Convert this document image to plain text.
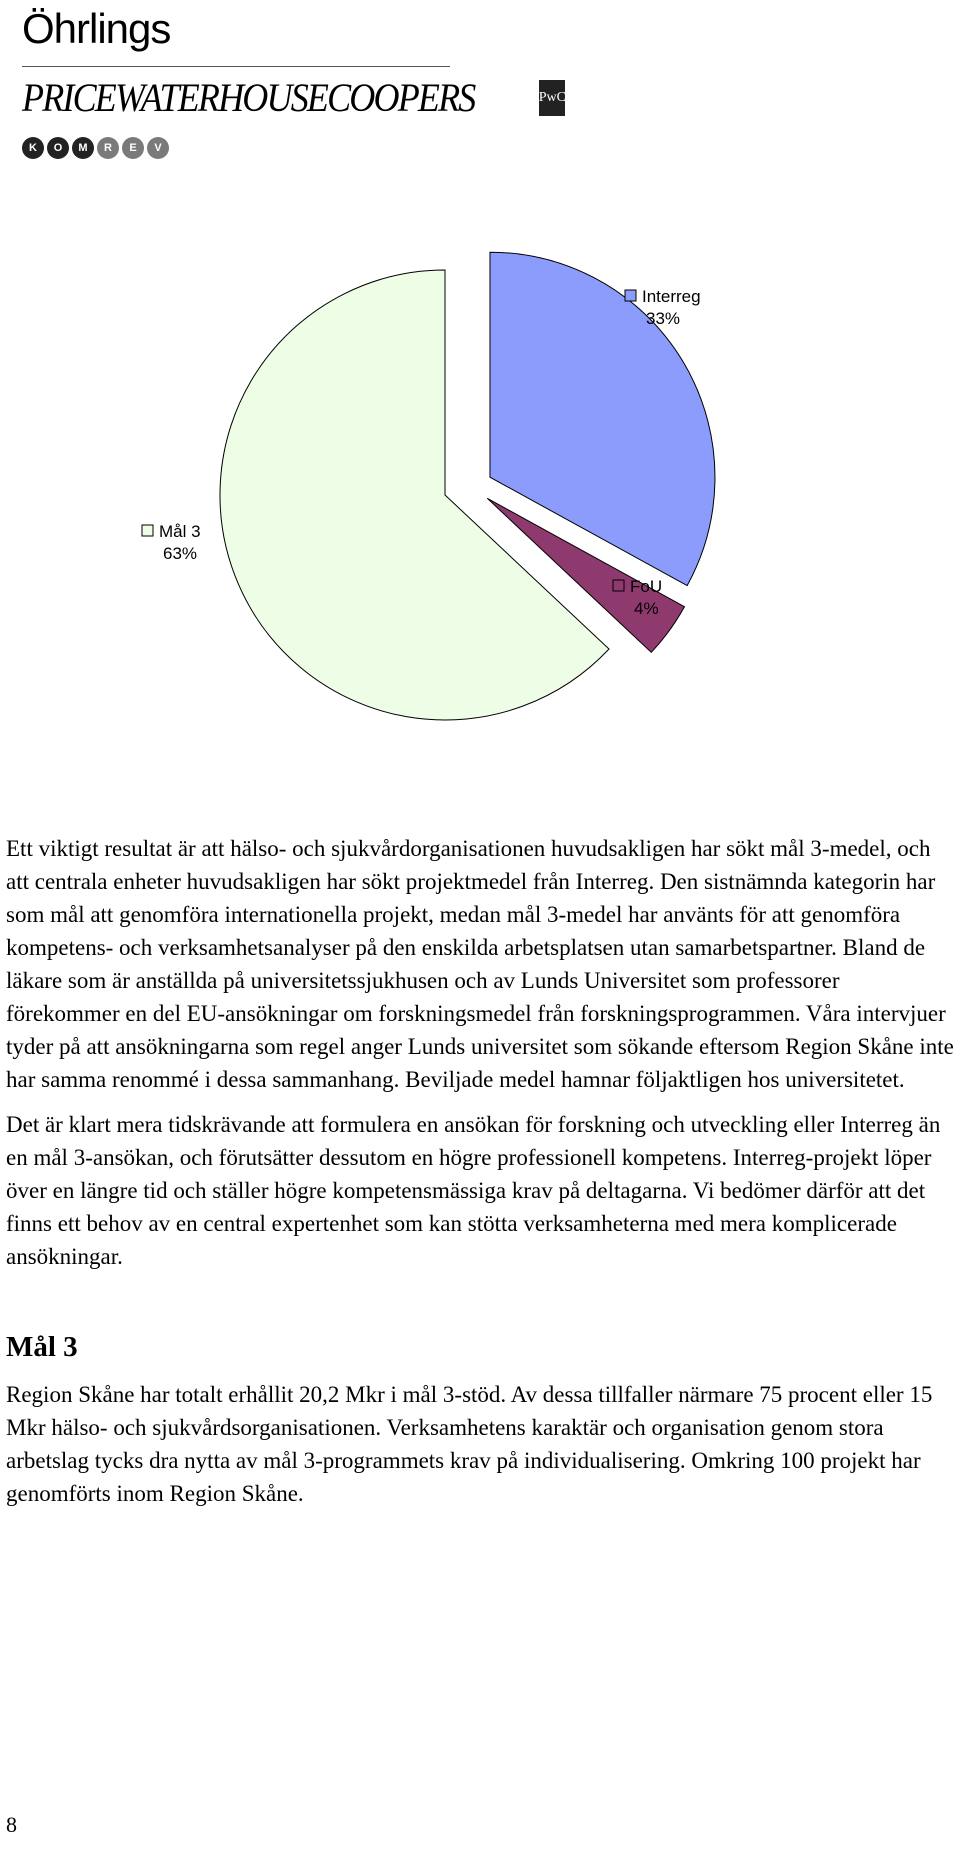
Öhrlings
PRICEWATERHOUSECOOPERS	PwC
K	O	M	R	E	V
Interreg
33%
FoU
4%
Mål 3
63%

Ett viktigt resultat är att hälso- och sjukvårdorganisationen huvudsakligen har sökt mål 3-medel, och att centrala enheter huvudsakligen har sökt projektmedel från Interreg. Den sistnämnda kategorin har som mål att genomföra internationella projekt, medan mål 3-medel har använts för att genomföra kompetens- och verksamhetsanalyser på den enskilda arbetsplatsen utan samarbetspartner. Bland de läkare som är anställda på universitetssjukhusen och av Lunds Universitet som professorer förekommer en del EU-ansökningar om forskningsmedel från forskningsprogrammen. Våra intervjuer tyder på att ansökningarna som regel anger Lunds universitet som sökande eftersom Region Skåne inte har samma renommé i dessa sammanhang. Beviljade medel hamnar följaktligen hos universitetet.

Det är klart mera tidskrävande att formulera en ansökan för forskning och utveckling eller Interreg än en mål 3-ansökan, och förutsätter dessutom en högre professionell kompetens. Interreg-projekt löper över en längre tid och ställer högre kompetensmässiga krav på deltagarna. Vi bedömer därför att det finns ett behov av en central expertenhet som kan stötta verksamheterna med mera komplicerade ansökningar.

Mål 3

Region Skåne har totalt erhållit 20,2 Mkr i mål 3-stöd. Av dessa tillfaller närmare 75 procent eller 15 Mkr hälso- och sjukvårdsorganisationen. Verksamhetens karaktär och organisation genom stora arbetslag tycks dra nytta av mål 3-programmets krav på individualisering. Omkring 100 projekt har genomförts inom Region Skåne.

8
